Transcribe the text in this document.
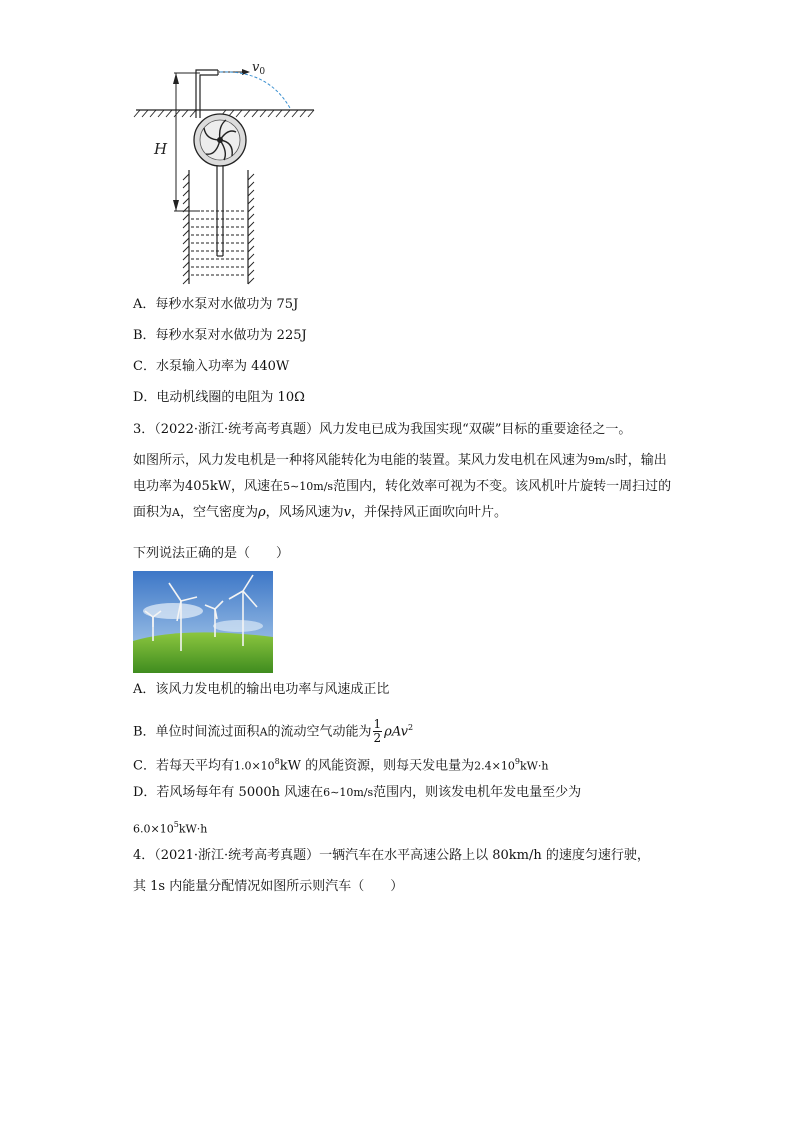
H
$v_0$
A．每秒水泵对水做功为 75J
B．每秒水泵对水做功为 225J
C．水泵输入功率为 440W
D．电动机线圈的电阻为 10Ω
3．（2022·浙江·统考高考真题）风力发电已成为我国实现“双碳”目标的重要途径之一。
如图所示，风力发电机是一种将风能转化为电能的装置。某风力发电机在风速为9m/s时，输出电功率为405kW，风速在5∼10m/s范围内，转化效率可视为不变。该风机叶片旋转一周扫过的面积为A，空气密度为ρ，风场风速为v，并保持风正面吹向叶片。
下列说法正确的是（　　）
A．该风力发电机的输出电功率与风速成正比
B．单位时间流过面积A的流动空气动能为 $\frac{1}{2} \rho Av^2$
C．若每天平均有$1.0\times 10^8kW$ 的风能资源，则每天发电量为$2.4\times 10^9kW\cdot h$
D．若风场每年有 5000h 风速在6∼10m/s范围内，则该发电机年发电量至少为
$6.0\times 10^5kW\cdot h$
4．（2021·浙江·统考高考真题）一辆汽车在水平高速公路上以 80km/h 的速度匀速行驶，
其 1s 内能量分配情况如图所示则汽车（　　）
